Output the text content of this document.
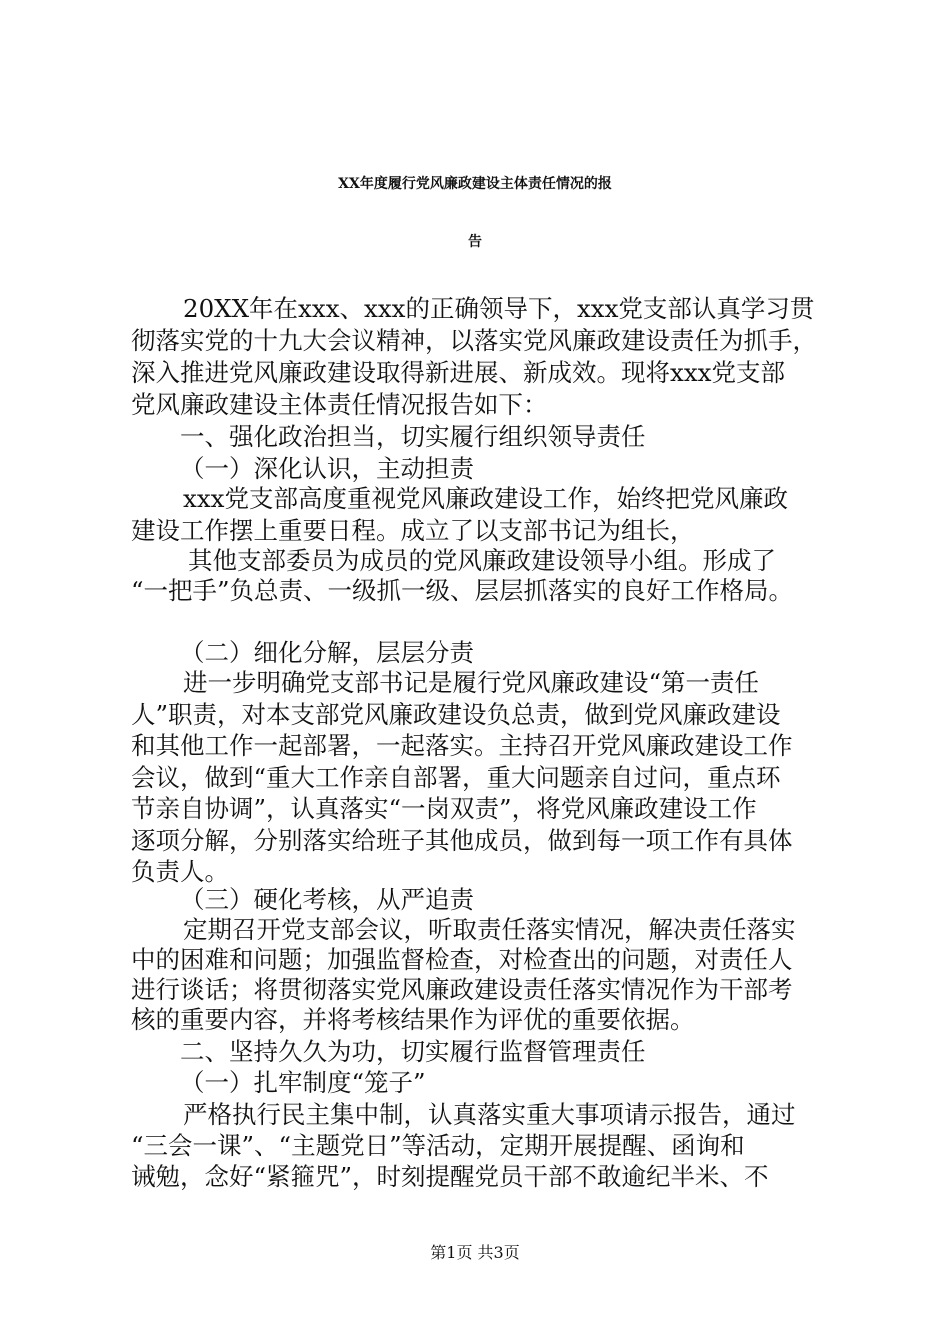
XX年度履行党风廉政建设主体责任情况的报
告
20XX年在xxx、xxx的正确领导下，xxx党支部认真学习贯
彻落实党的十九大会议精神，以落实党风廉政建设责任为抓手，
深入推进党风廉政建设取得新进展、新成效。现将xxx党支部
党风廉政建设主体责任情况报告如下：
一、强化政治担当，切实履行组织领导责任
（一）深化认识，主动担责
xxx党支部高度重视党风廉政建设工作，始终把党风廉政
建设工作摆上重要日程。成立了以支部书记为组长，
其他支部委员为成员的党风廉政建设领导小组。形成了
“一把手”负总责、一级抓一级、层层抓落实的良好工作格局。
（二）细化分解，层层分责
进一步明确党支部书记是履行党风廉政建设“第一责任
人”职责，对本支部党风廉政建设负总责，做到党风廉政建设
和其他工作一起部署，一起落实。主持召开党风廉政建设工作
会议，做到“重大工作亲自部署，重大问题亲自过问，重点环
节亲自协调”，认真落实“一岗双责”，将党风廉政建设工作
逐项分解，分别落实给班子其他成员，做到每一项工作有具体
负责人。
（三）硬化考核，从严追责
定期召开党支部会议，听取责任落实情况，解决责任落实
中的困难和问题；加强监督检查，对检查出的问题，对责任人
进行谈话；将贯彻落实党风廉政建设责任落实情况作为干部考
核的重要内容，并将考核结果作为评优的重要依据。
二、坚持久久为功，切实履行监督管理责任
（一）扎牢制度“笼子”
严格执行民主集中制，认真落实重大事项请示报告，通过
“三会一课”、“主题党日”等活动，定期开展提醒、函询和
诫勉，念好“紧箍咒”，时刻提醒党员干部不敢逾纪半米、不
第1页 共3页
